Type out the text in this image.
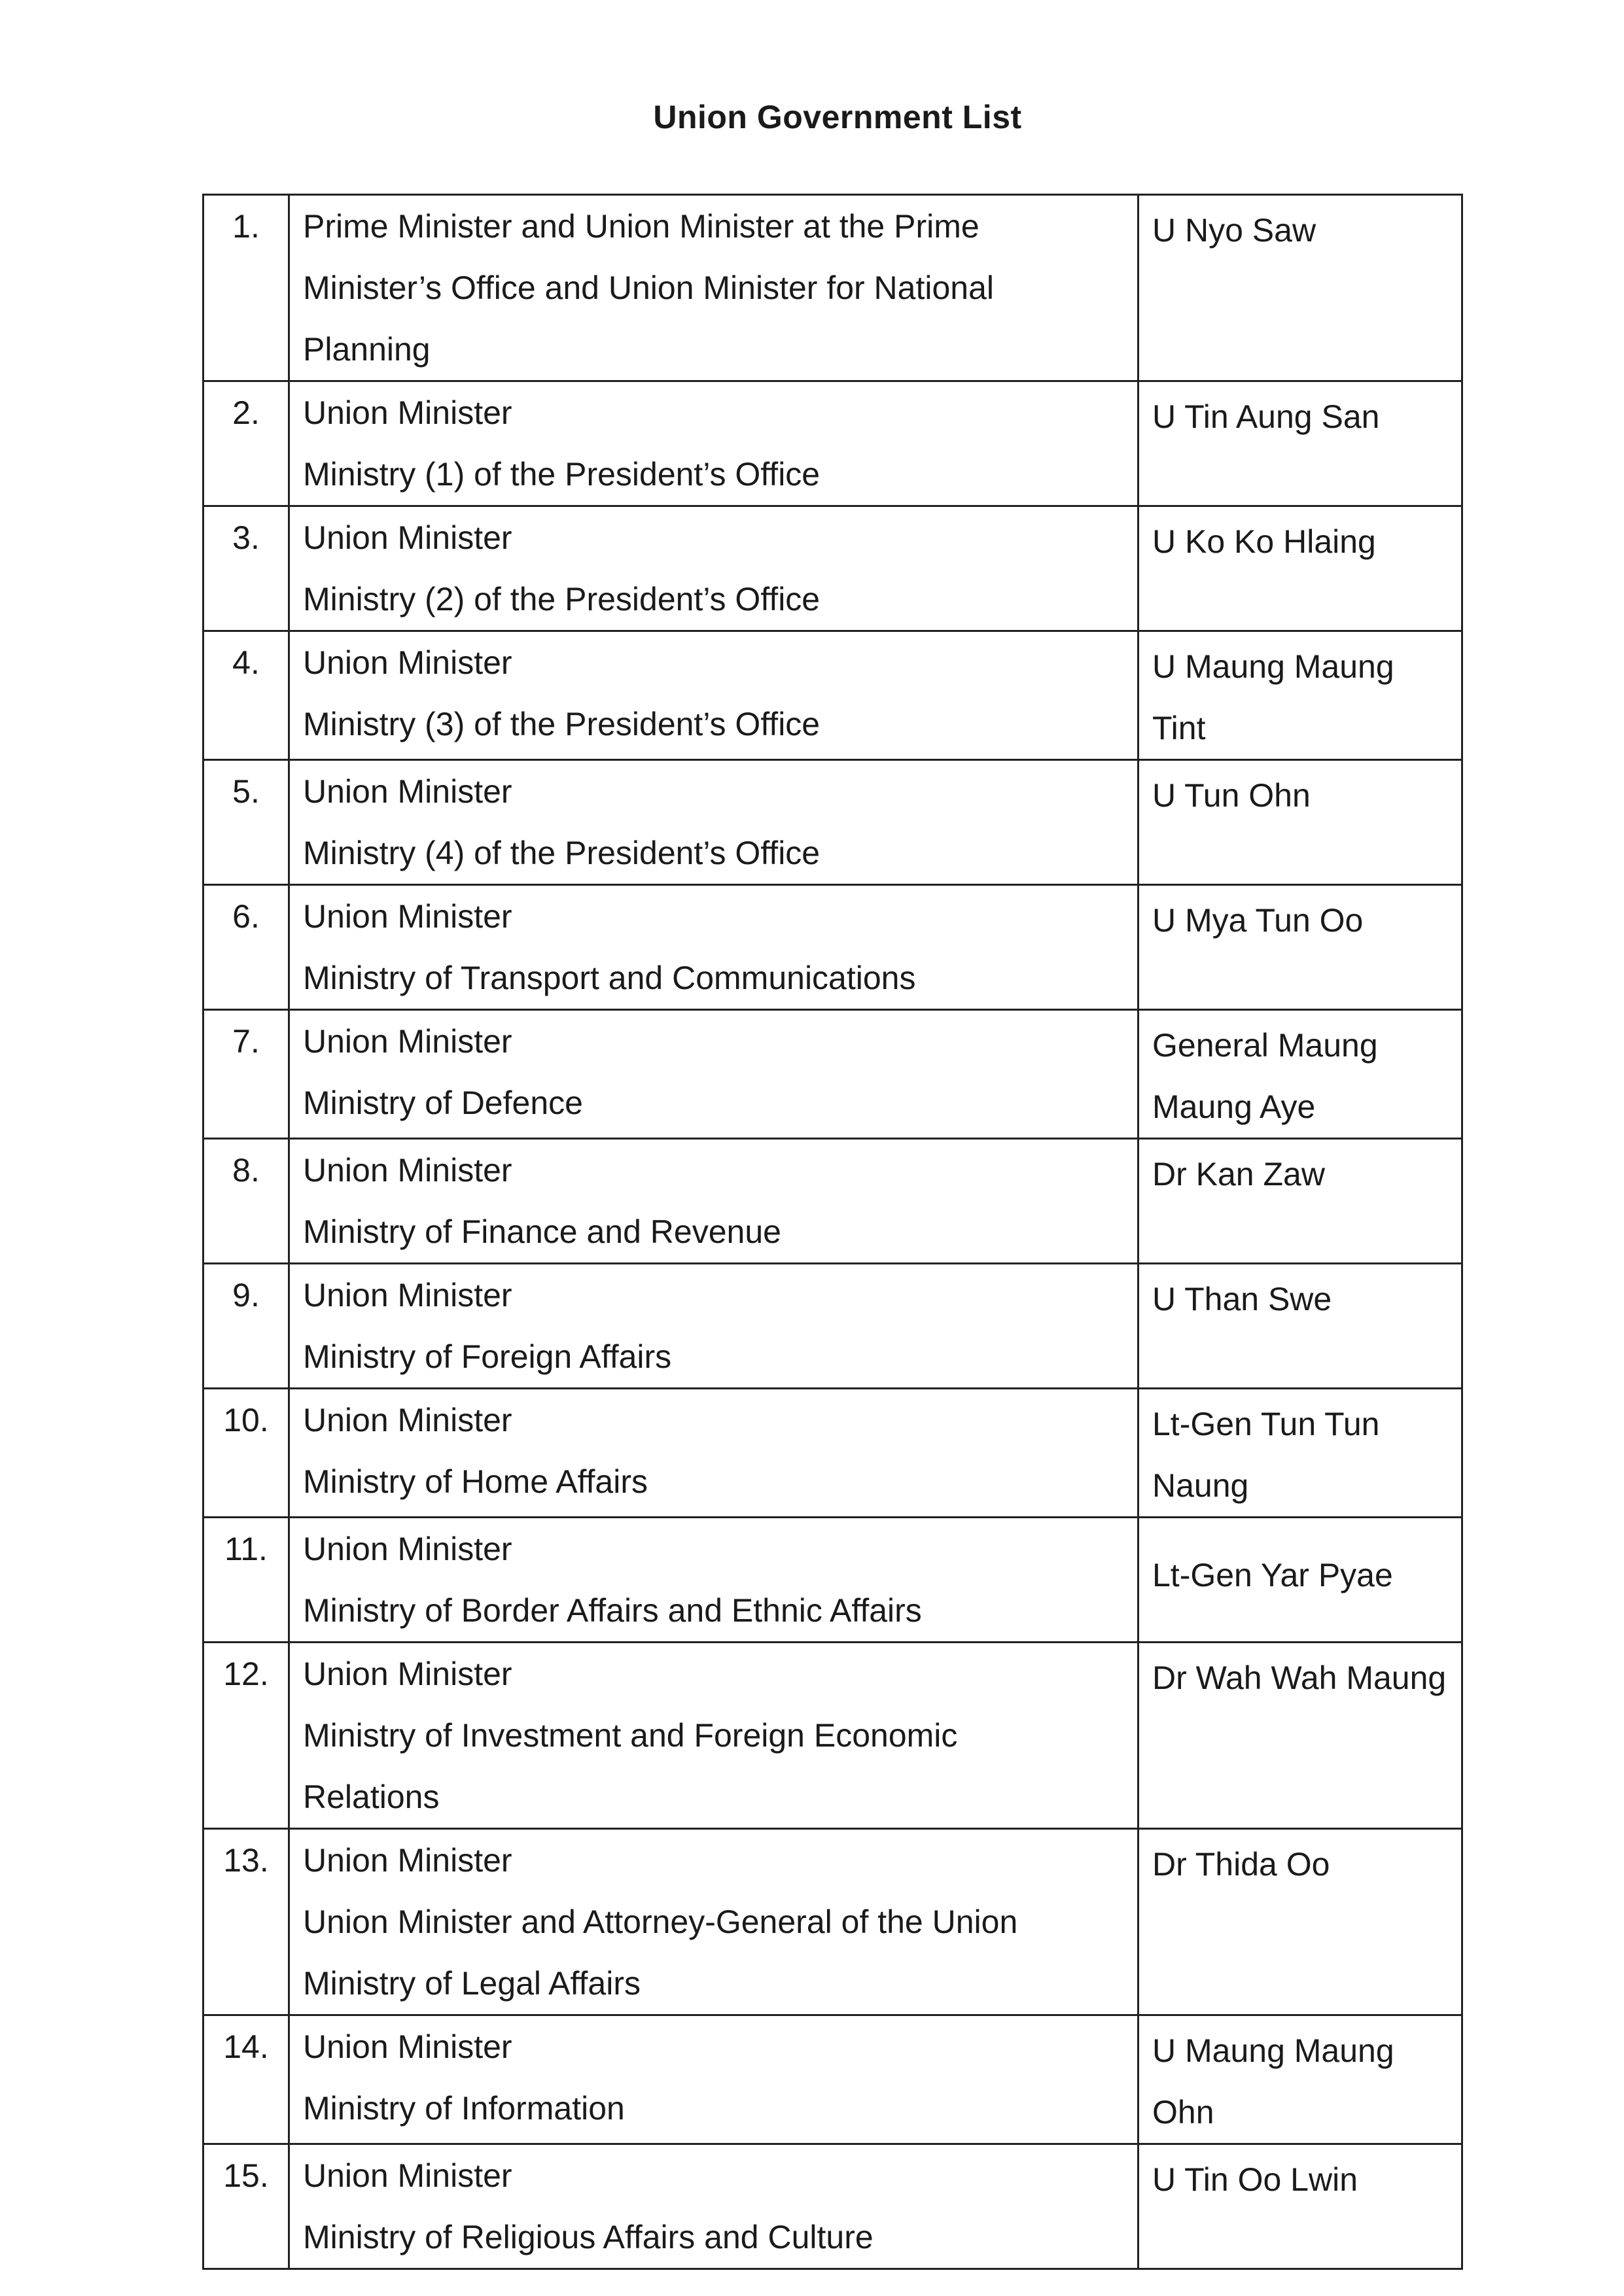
Union Government List
1.	Prime Minister and Union Minister at the Prime
Minister’s Office and Union Minister for National
Planning	U Nyo Saw

2.	Union Minister
Ministry (1) of the President’s Office	U Tin Aung San

3.	Union Minister
Ministry (2) of the President’s Office	U Ko Ko Hlaing

4.	Union Minister
Ministry (3) of the President’s Office	U Maung Maung Tint

5.	Union Minister
Ministry (4) of the President’s Office	U Tun Ohn

6.	Union Minister
Ministry of Transport and Communications	U Mya Tun Oo

7.	Union Minister
Ministry of Defence	General Maung Maung Aye

8.	Union Minister
Ministry of Finance and Revenue	Dr Kan Zaw

9.	Union Minister
Ministry of Foreign Affairs	U Than Swe

10.	Union Minister
Ministry of Home Affairs	Lt-Gen Tun Tun Naung

11.	Union Minister
Ministry of Border Affairs and Ethnic Affairs	Lt-Gen Yar Pyae

12.	Union Minister
Ministry of Investment and Foreign Economic
Relations	Dr Wah Wah Maung

13.	Union Minister
Union Minister and Attorney-General of the Union
Ministry of Legal Affairs	Dr Thida Oo

14.	Union Minister
Ministry of Information	U Maung Maung Ohn

15.	Union Minister
Ministry of Religious Affairs and Culture	U Tin Oo Lwin
